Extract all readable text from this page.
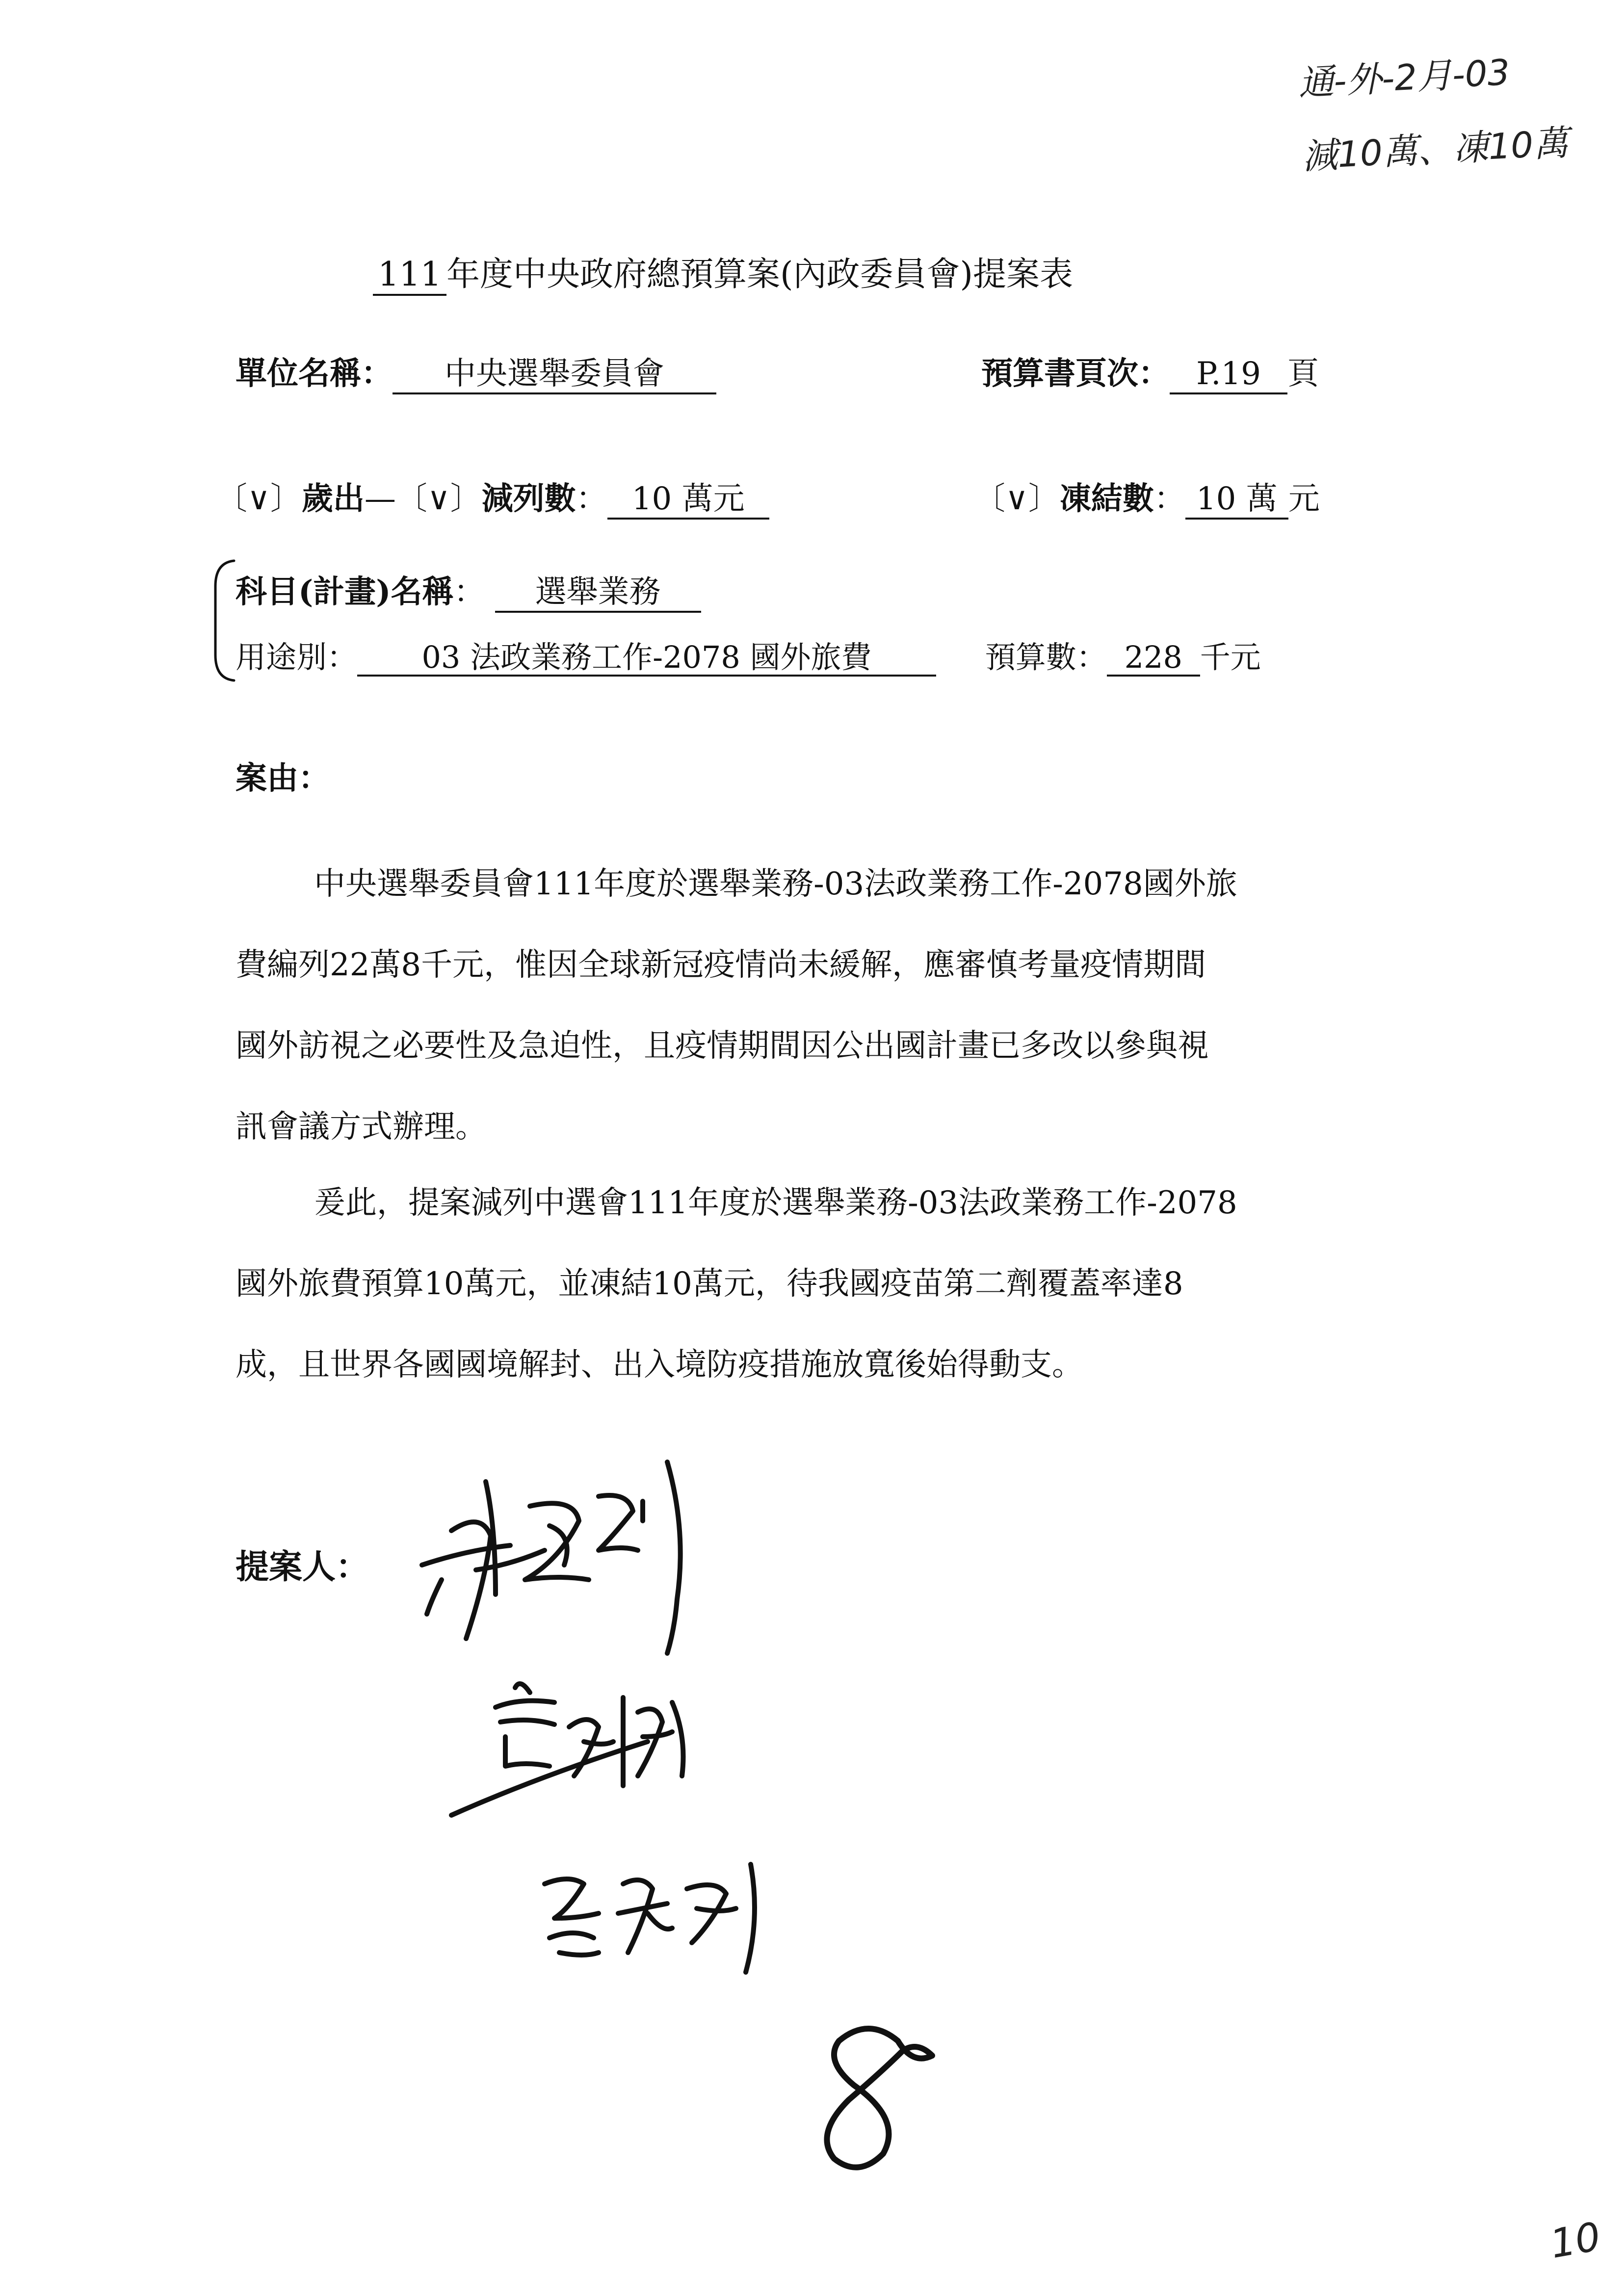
通-外-2月-03
減10萬、凍10萬
111 年度中央政府總預算案(內政委員會)提案表
單位名稱： 中央選舉委員會	預算書頁次： P.19 頁
〔∨〕歲出—〔∨〕減列數： 10 萬元	〔∨〕凍結數： 10 萬 元
科目(計畫)名稱： 選舉業務
用途別： 03 法政業務工作-2078 國外旅費	預算數： 228 千元
案由：
中央選舉委員會111年度於選舉業務-03法政業務工作-2078國外旅
費編列22萬8千元，惟因全球新冠疫情尚未緩解，應審慎考量疫情期間
國外訪視之必要性及急迫性，且疫情期間因公出國計畫已多改以參與視
訊會議方式辦理。
爰此，提案減列中選會111年度於選舉業務-03法政業務工作-2078
國外旅費預算10萬元，並凍結10萬元，待我國疫苗第二劑覆蓋率達8
成，且世界各國國境解封、出入境防疫措施放寬後始得動支。
提案人：
10
